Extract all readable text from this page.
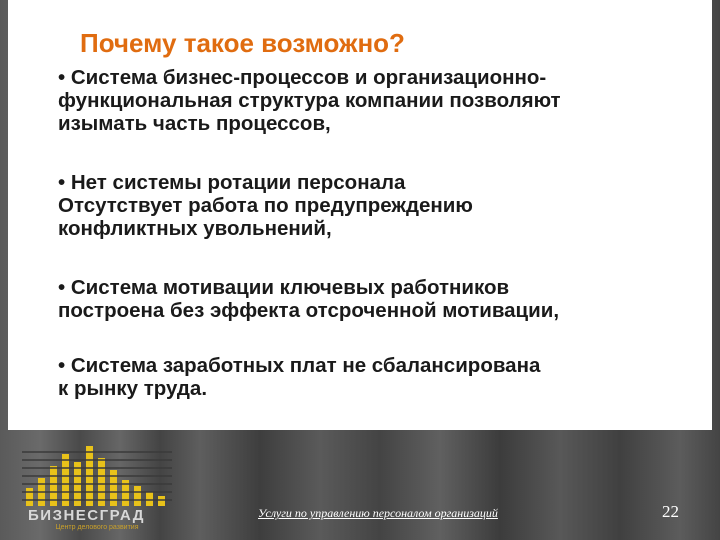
Почему такое возможно?
• Система бизнес-процессов и организационно-
функциональная структура компании позволяют
изымать часть процессов,
• Нет системы ротации персонала
Отсутствует работа по предупреждению
конфликтных увольнений,
• Система мотивации ключевых работников
построена без эффекта отсроченной мотивации,
• Система заработных плат не сбалансирована
к рынку труда.
БИЗНЕСГРАД
Центр делового развития
Услуги по управлению персоналом организаций	22
